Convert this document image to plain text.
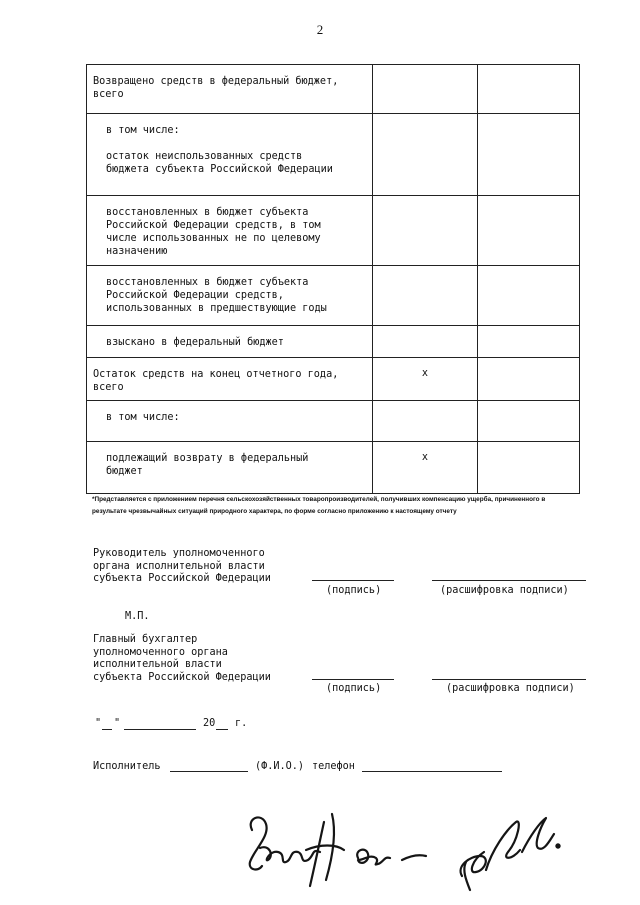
2
Возвращено средств в федеральный бюджет,
всего		

в том числе:

остаток неиспользованных средств
бюджета субъекта Российской Федерации		

восстановленных в бюджет субъекта
Российской Федерации средств, в том
числе использованных не по целевому
назначению		

восстановленных в бюджет субъекта
Российской Федерации средств,
использованных в предшествующие годы		

взыскано в федеральный бюджет		

Остаток средств на конец отчетного года,
всего	x	

в том числе:		

подлежащий возврату в федеральный
бюджет	x	

*Представляется с приложением перечня сельскохозяйственных товаропроизводителей, получивших компенсацию ущерба, причиненного в результате чрезвычайных ситуаций природного характера, по форме согласно приложению к настоящему отчету
Руководитель уполномоченного
органа исполнительной власти
субъекта Российской Федерации
(подпись)	(расшифровка подписи)
М.П.
Главный бухгалтер
уполномоченного органа
исполнительной власти
субъекта Российской Федерации
(подпись)	(расшифровка подписи)
" "	20 г.
Исполнитель	(Ф.И.О.) телефон
